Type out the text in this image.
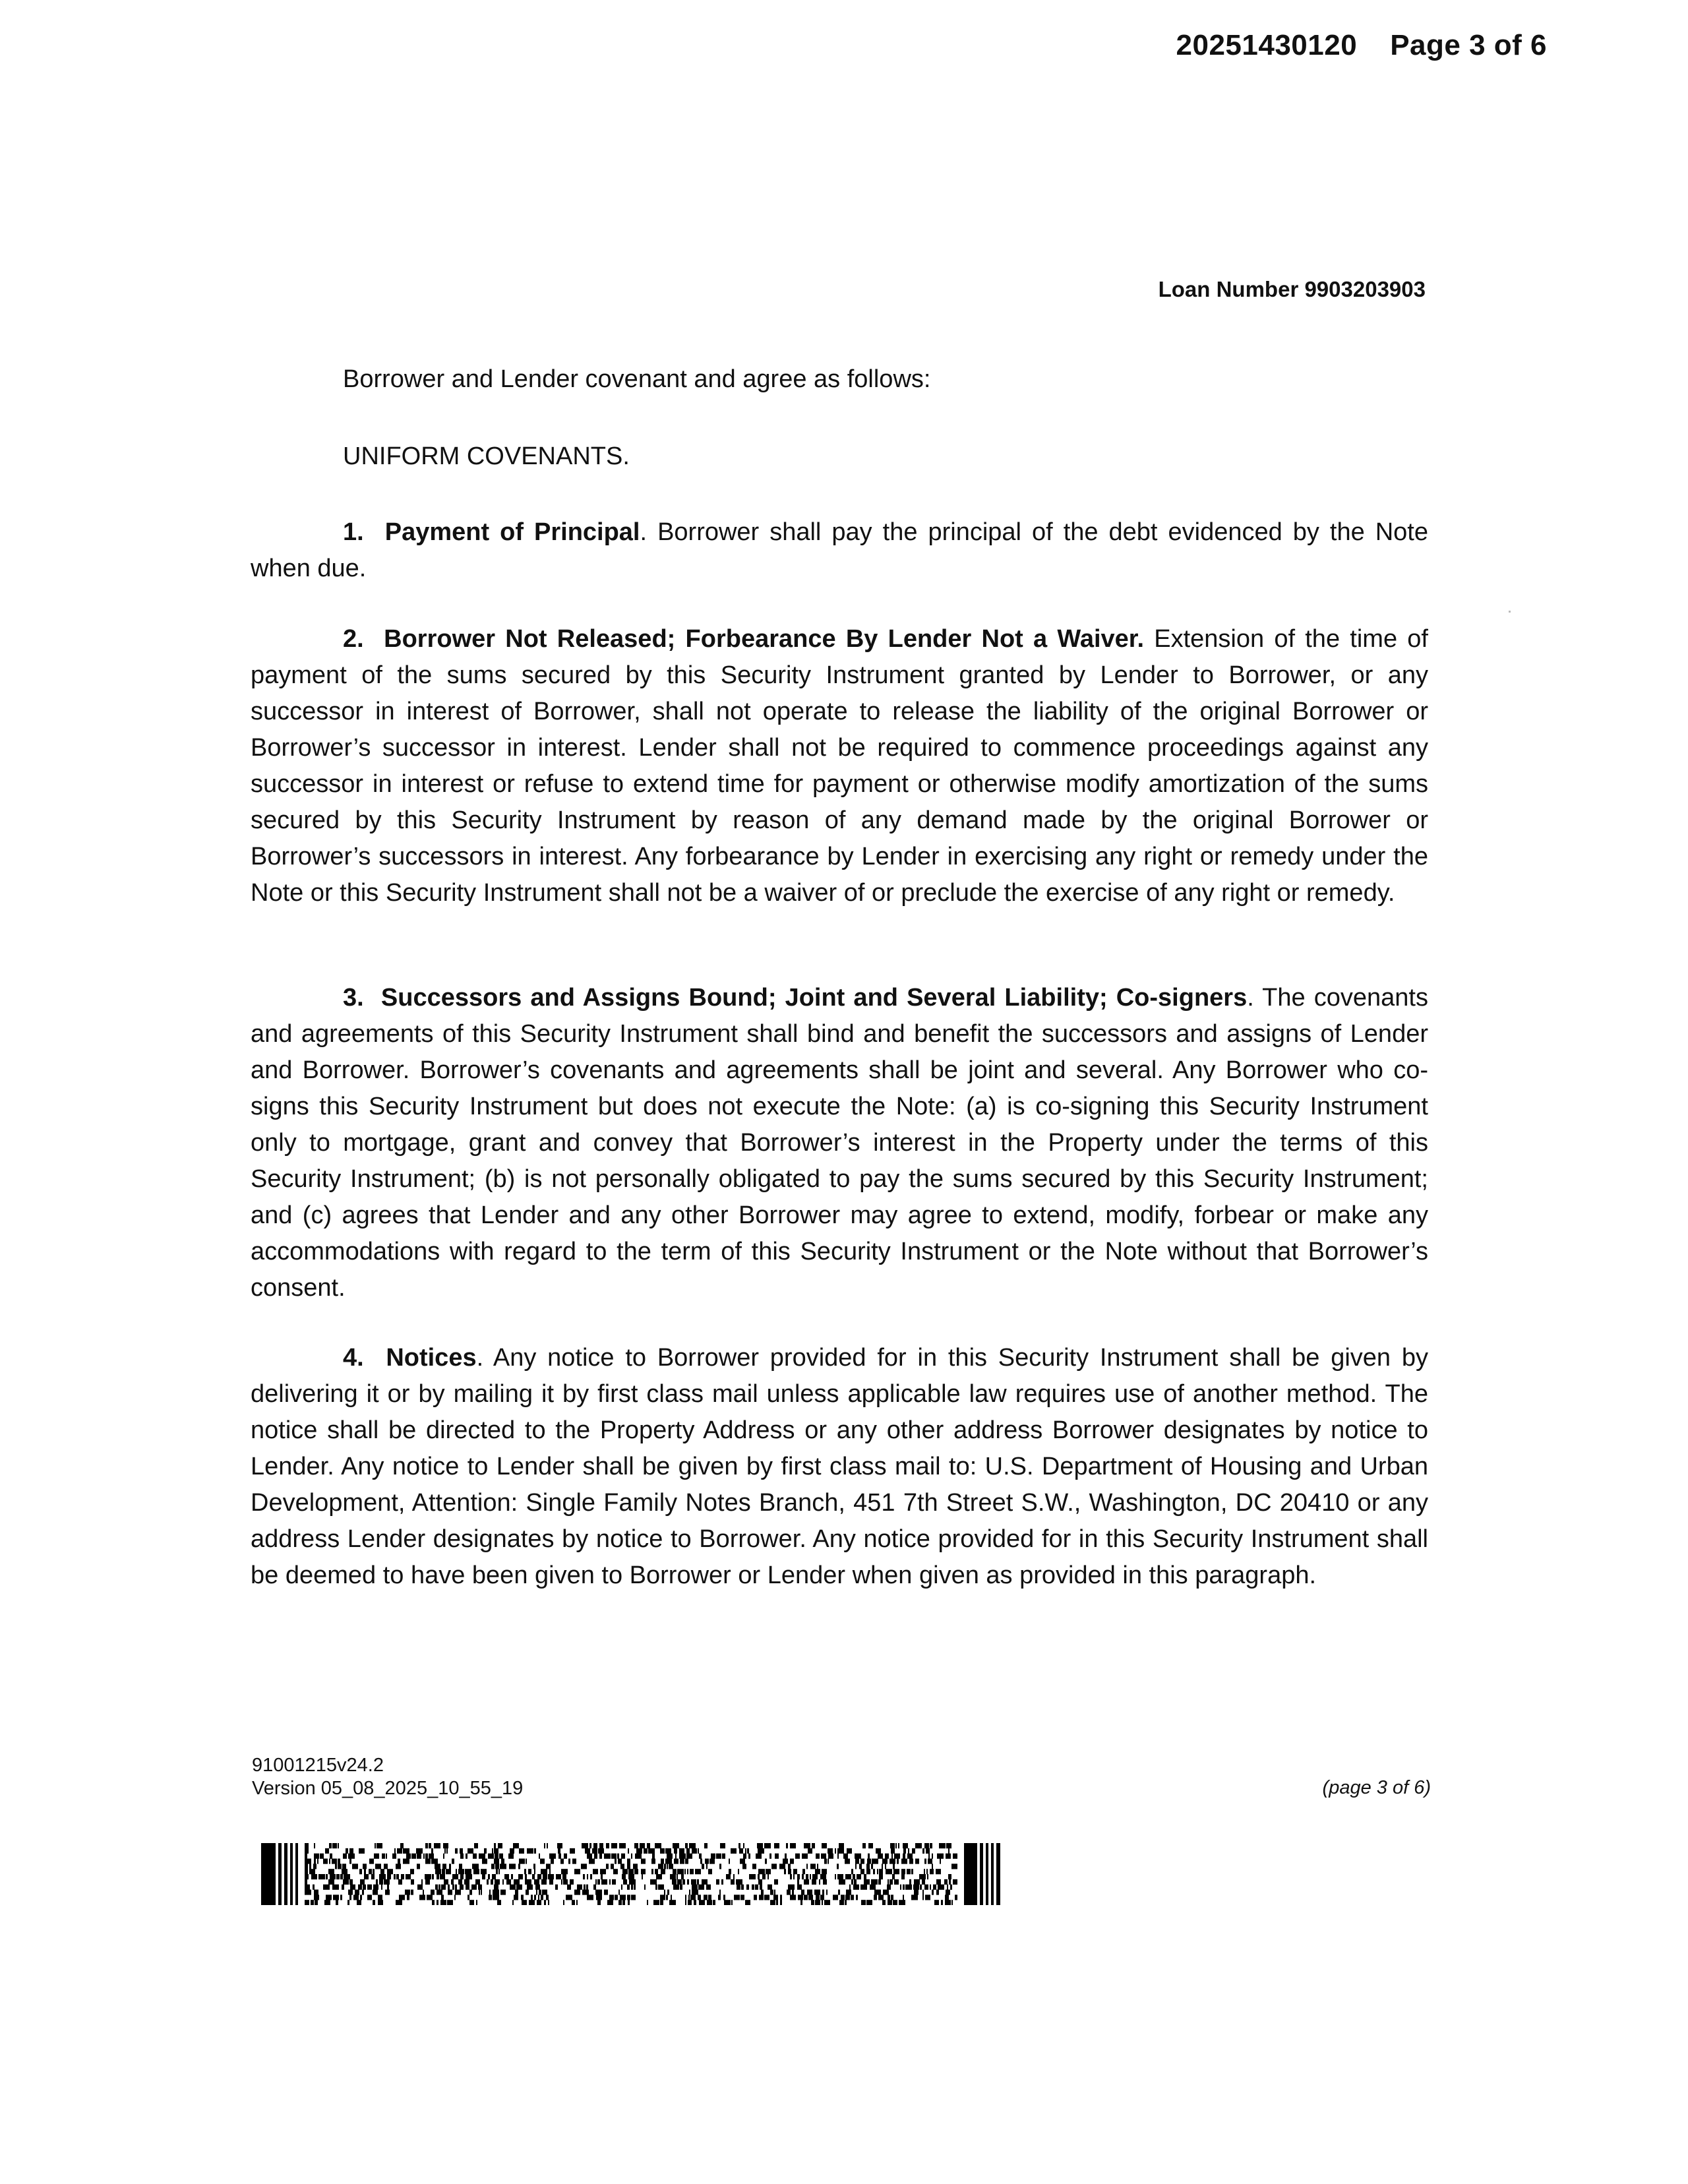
20251430120 Page 3 of 6
Loan Number 9903203903
Borrower and Lender covenant and agree as follows:
UNIFORM COVENANTS.
1. Payment of Principal. Borrower shall pay the principal of the debt evidenced by the Note when due.
2. Borrower Not Released; Forbearance By Lender Not a Waiver. Extension of the time of payment of the sums secured by this Security Instrument granted by Lender to Borrower, or any successor in interest of Borrower, shall not operate to release the liability of the original Borrower or Borrower’s successor in interest. Lender shall not be required to commence proceedings against any successor in interest or refuse to extend time for payment or otherwise modify amortization of the sums secured by this Security Instrument by reason of any demand made by the original Borrower or Borrower’s successors in interest. Any forbearance by Lender in exercising any right or remedy under the Note or this Security Instrument shall not be a waiver of or preclude the exercise of any right or remedy.
3. Successors and Assigns Bound; Joint and Several Liability; Co-signers. The covenants and agreements of this Security Instrument shall bind and benefit the successors and assigns of Lender and Borrower. Borrower’s covenants and agreements shall be joint and several. Any Borrower who co-signs this Security Instrument but does not execute the Note: (a) is co-signing this Security Instrument only to mortgage, grant and convey that Borrower’s interest in the Property under the terms of this Security Instrument; (b) is not personally obligated to pay the sums secured by this Security Instrument; and (c) agrees that Lender and any other Borrower may agree to extend, modify, forbear or make any accommodations with regard to the term of this Security Instrument or the Note without that Borrower’s consent.
4. Notices. Any notice to Borrower provided for in this Security Instrument shall be given by delivering it or by mailing it by first class mail unless applicable law requires use of another method. The notice shall be directed to the Property Address or any other address Borrower designates by notice to Lender. Any notice to Lender shall be given by first class mail to: U.S. Department of Housing and Urban Development, Attention: Single Family Notes Branch, 451 7th Street S.W., Washington, DC 20410 or any address Lender designates by notice to Borrower. Any notice provided for in this Security Instrument shall be deemed to have been given to Borrower or Lender when given as provided in this paragraph.
91001215v24.2
Version 05_08_2025_10_55_19	(page 3 of 6)
